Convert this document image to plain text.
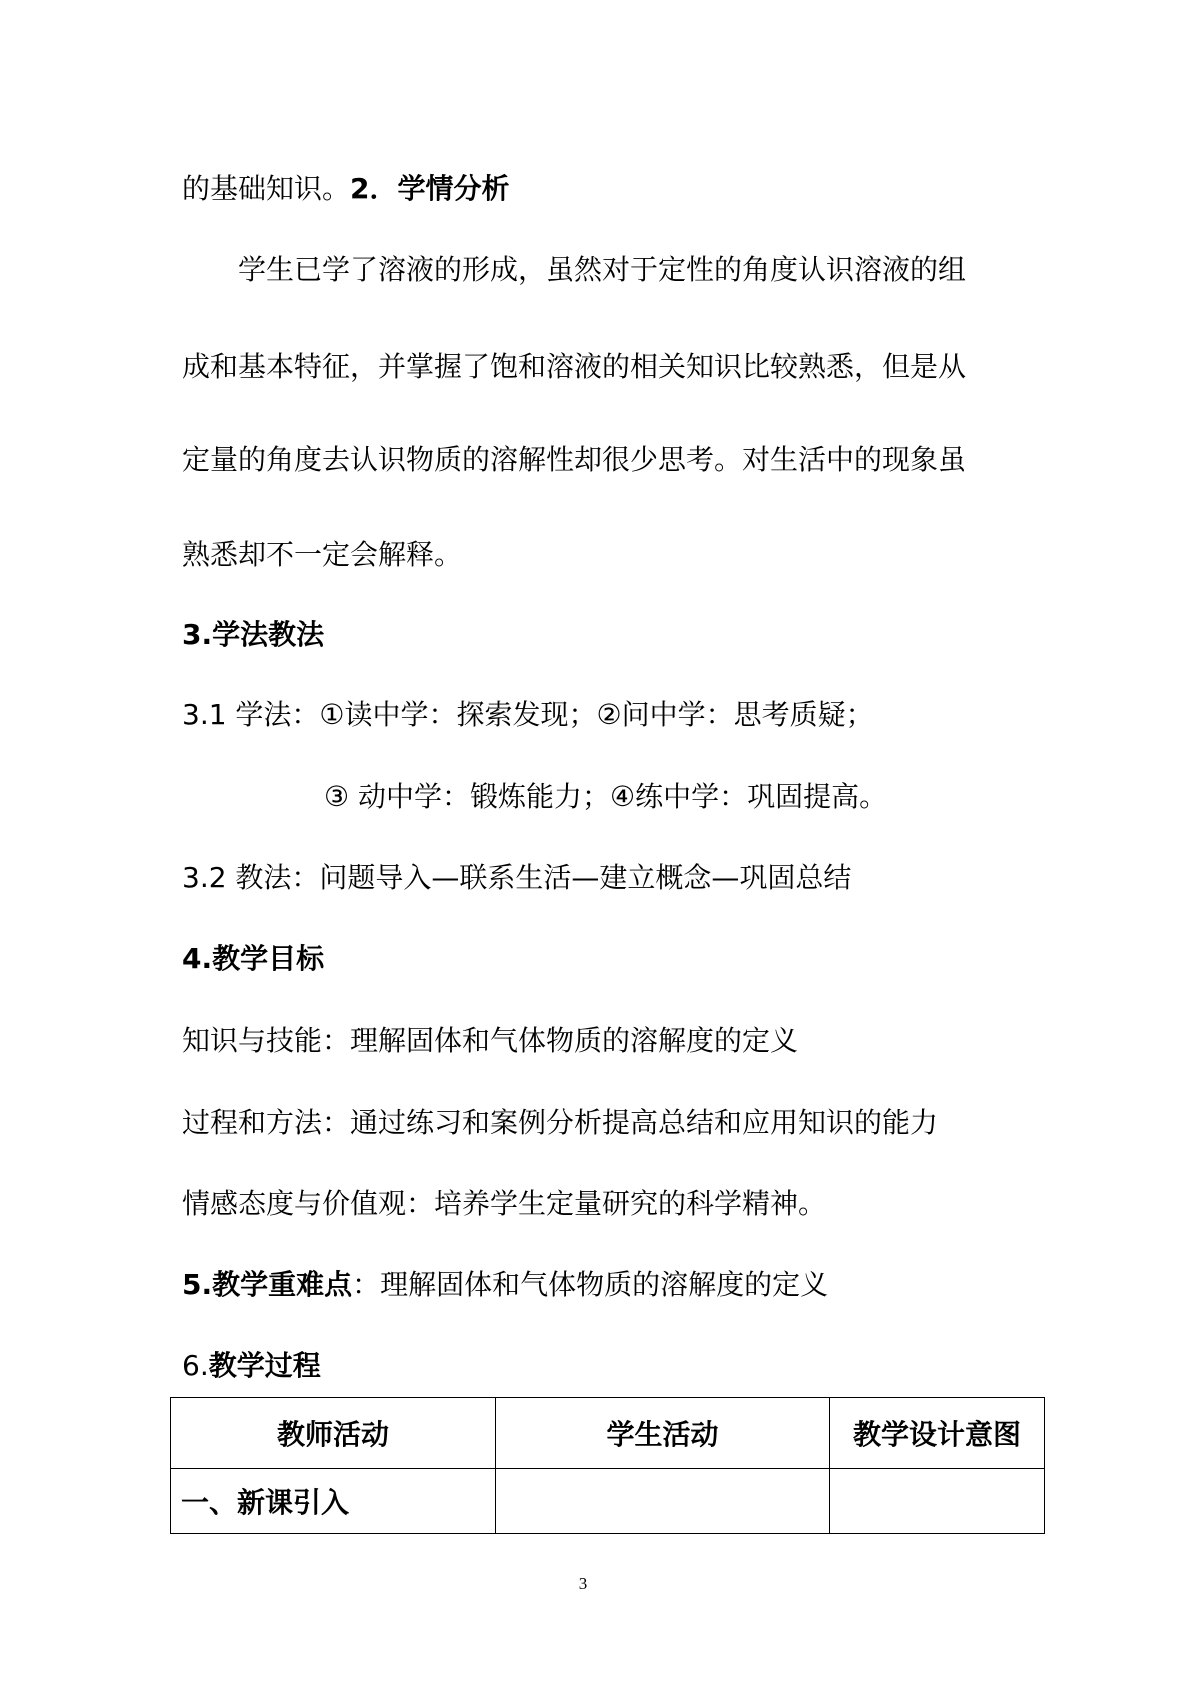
的基础知识。2．学情分析
学生已学了溶液的形成，虽然对于定性的角度认识溶液的组
成和基本特征，并掌握了饱和溶液的相关知识比较熟悉，但是从
定量的角度去认识物质的溶解性却很少思考。对生活中的现象虽
熟悉却不一定会解释。
3.学法教法
3.1 学法：①读中学：探索发现；②问中学：思考质疑；
③ 动中学：锻炼能力；④练中学：巩固提高。
3.2 教法：问题导入—联系生活—建立概念—巩固总结
4.教学目标
知识与技能：理解固体和气体物质的溶解度的定义
过程和方法：通过练习和案例分析提高总结和应用知识的能力
情感态度与价值观：培养学生定量研究的科学精神。
5.教学重难点：理解固体和气体物质的溶解度的定义
6.教学过程
教师活动	学生活动	教学设计意图
一、新课引入		
3
